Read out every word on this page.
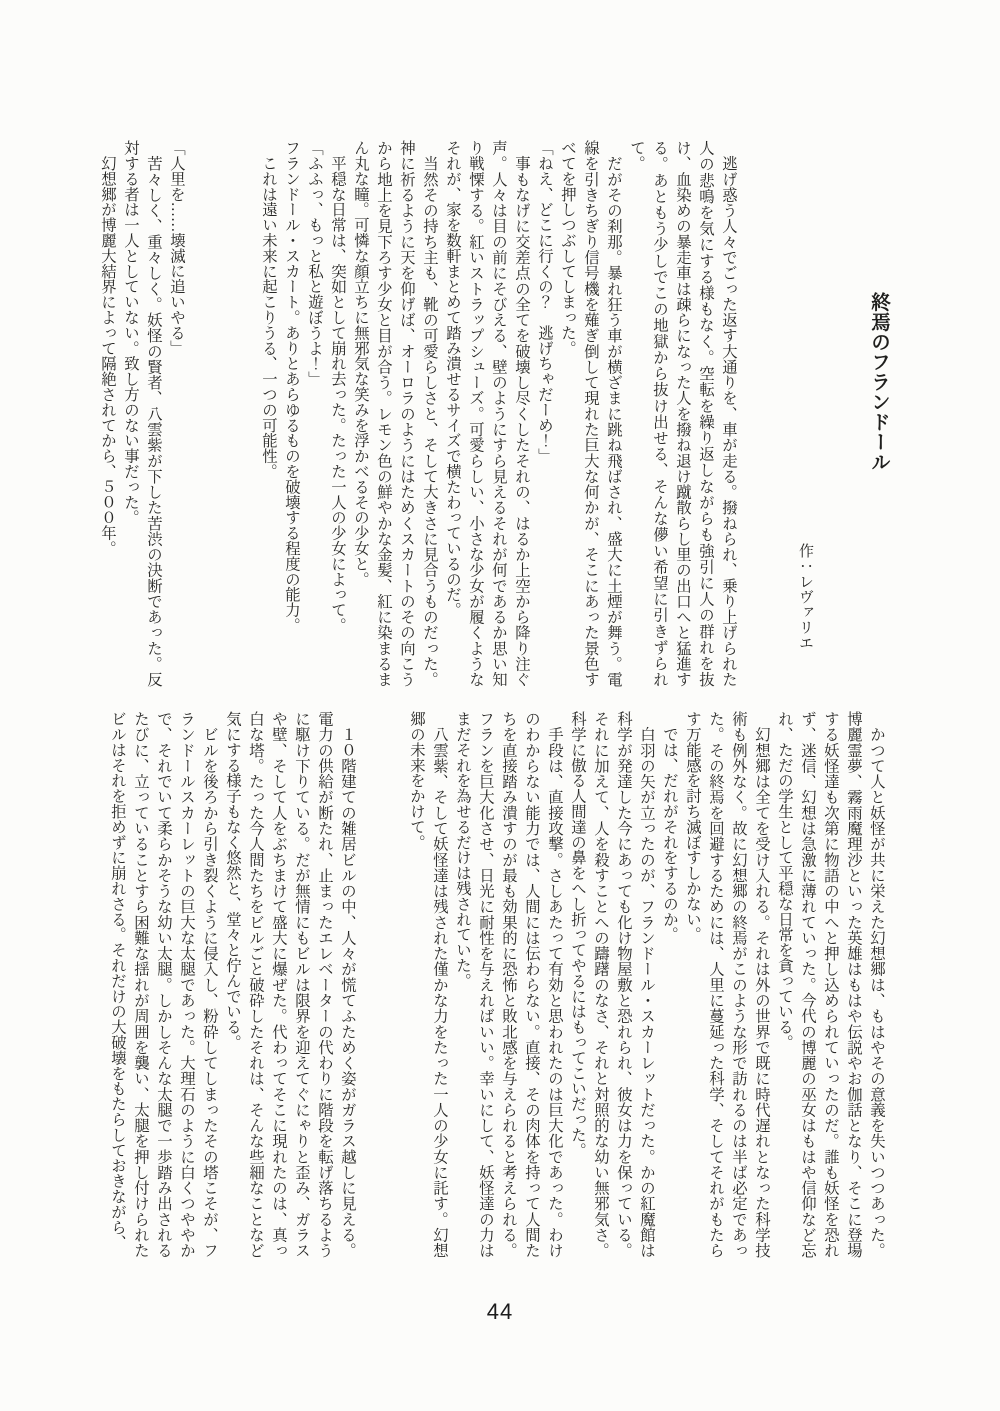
終焉のフランドール
作：レヴァリエ

　逃げ惑う人々でごった返す大通りを、車が走る。撥ねられ、乗り上げられた人の悲鳴を気にする様もなく。空転を繰り返しながらも強引に人の群れを抜け、血染めの暴走車は疎らになった人を撥ね退け蹴散らし里の出口へと猛進する。あともう少しでこの地獄から抜け出せる、そんな儚い希望に引きずられて。

　だがその刹那。暴れ狂う車が横ざまに跳ね飛ばされ、盛大に土煙が舞う。電線を引きちぎり信号機を薙ぎ倒して現れた巨大な何かが、そこにあった景色すべてを押しつぶしてしまった。

「ねえ、どこに行くの？　逃げちゃだーめ！」

　事もなげに交差点の全てを破壊し尽くしたそれの、はるか上空から降り注ぐ声。人々は目の前にそびえる、壁のようにすら見えるそれが何であるか思い知り戦慄する。紅いストラップシューズ。可愛らしい、小さな少女が履くようなそれが、家を数軒まとめて踏み潰せるサイズで横たわっているのだ。

　当然その持ち主も、靴の可愛らしさと、そして大きさに見合うものだった。神に祈るように天を仰げば、オーロラのようにはためくスカートのその向こうから地上を見下ろす少女と目が合う。レモン色の鮮やかな金髪、紅に染まるまん丸な瞳。可憐な顔立ちに無邪気な笑みを浮かべるその少女と。

　平穏な日常は、突如として崩れ去った。たった一人の少女によって。

「ふふっ、もっと私と遊ぼうよ！」

フランドール・スカート。ありとあらゆるものを破壊する程度の能力。

　これは遠い未来に起こりうる、一つの可能性。

「人里を……壊滅に追いやる」

　苦々しく、重々しく。妖怪の賢者、八雲紫が下した苦渋の決断であった。反対する者は一人としていない。致し方のない事だった。

　幻想郷が博麗大結界によって隔絶されてから、５００年。

　かつて人と妖怪が共に栄えた幻想郷は、もはやその意義を失いつつあった。博麗霊夢、霧雨魔理沙といった英雄はもはや伝説やお伽話となり、そこに登場する妖怪達も次第に物語の中へと押し込められていったのだ。誰も妖怪を恐れず、迷信、幻想は急激に薄れていった。今代の博麗の巫女はもはや信仰など忘れ、ただの学生として平穏な日常を貪っている。

　幻想郷は全てを受け入れる。それは外の世界で既に時代遅れとなった科学技術も例外なく。故に幻想郷の終焉がこのような形で訪れるのは半ば必定であった。その終焉を回避するためには、人里に蔓延った科学、そしてそれがもたらす万能感を討ち滅ぼすしかない。

　では、だれがそれをするのか。

　白羽の矢が立ったのが、フランドール・スカーレットだった。かの紅魔館は科学が発達した今にあっても化け物屋敷と恐れられ、彼女は力を保っている。それに加えて、人を殺すことへの躊躇のなさ、それと対照的な幼い無邪気さ。科学に傲る人間達の鼻をへし折ってやるにはもってこいだった。

　手段は、直接攻撃。さしあたって有効と思われたのは巨大化であった。わけのわからない能力では、人間には伝わらない。直接、その肉体を持って人間たちを直接踏み潰すのが最も効果的に恐怖と敗北感を与えられると考えられる。フランを巨大化させ、日光に耐性を与えればいい。幸いにして、妖怪達の力はまだそれを為せるだけは残されていた。

　八雲紫、そして妖怪達は残された僅かな力をたった一人の少女に託す。幻想郷の未来をかけて。

　１０階建ての雑居ビルの中、人々が慌てふためく姿がガラス越しに見える。電力の供給が断たれ、止まったエレベーターの代わりに階段を転げ落ちるように駆け下りている。だが無情にもビルは限界を迎えてぐにゃりと歪み、ガラスや壁、そして人をぶちまけて盛大に爆ぜた。代わってそこに現れたのは、真っ白な塔。たった今人間たちをビルごと破砕したそれは、そんな些細なことなど気にする様子もなく悠然と、堂々と佇んでいる。

　ビルを後ろから引き裂くように侵入し、粉砕してしまったその塔こそが、フランドールスカーレットの巨大な太腿であった。大理石のように白くつややかで、それでいて柔らかそうな幼い太腿。しかしそんな太腿で一歩踏み出されるたびに、立っていることすら困難な揺れが周囲を襲い、太腿を押し付けられたビルはそれを拒めずに崩れさる。それだけの大破壊をもたらしておきながら、

44
